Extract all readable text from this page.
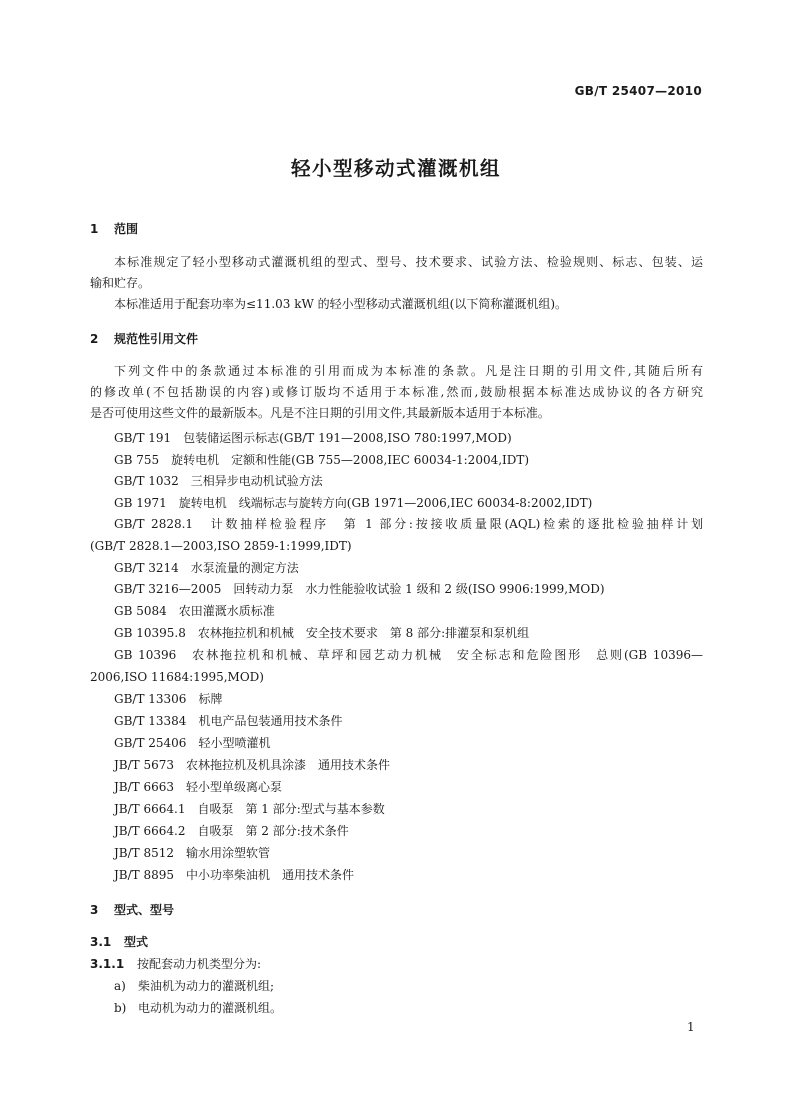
GB/T 25407—2010
轻小型移动式灌溉机组
1 范围
本标准规定了轻小型移动式灌溉机组的型式、型号、技术要求、试验方法、检验规则、标志、包装、运
输和贮存。
本标准适用于配套功率为≤11.03 kW 的轻小型移动式灌溉机组(以下简称灌溉机组)。
2 规范性引用文件
下列文件中的条款通过本标准的引用而成为本标准的条款。凡是注日期的引用文件,其随后所有
的修改单(不包括勘误的内容)或修订版均不适用于本标准,然而,鼓励根据本标准达成协议的各方研究
是否可使用这些文件的最新版本。凡是不注日期的引用文件,其最新版本适用于本标准。
GB/T 191　包装储运图示标志(GB/T 191—2008,ISO 780:1997,MOD)
GB 755　旋转电机　定额和性能(GB 755—2008,IEC 60034-1:2004,IDT)
GB/T 1032　三相异步电动机试验方法
GB 1971　旋转电机　线端标志与旋转方向(GB 1971—2006,IEC 60034-8:2002,IDT)
GB/T 2828.1　计数抽样检验程序　第 1 部分:按接收质量限(AQL)检索的逐批检验抽样计划
(GB/T 2828.1—2003,ISO 2859-1:1999,IDT)
GB/T 3214　水泵流量的测定方法
GB/T 3216—2005　回转动力泵　水力性能验收试验 1 级和 2 级(ISO 9906:1999,MOD)
GB 5084　农田灌溉水质标准
GB 10395.8　农林拖拉机和机械　安全技术要求　第 8 部分:排灌泵和泵机组
GB 10396　农林拖拉机和机械、草坪和园艺动力机械　安全标志和危险图形　总则(GB 10396—
2006,ISO 11684:1995,MOD)
GB/T 13306　标牌
GB/T 13384　机电产品包装通用技术条件
GB/T 25406　轻小型喷灌机
JB/T 5673　农林拖拉机及机具涂漆　通用技术条件
JB/T 6663　轻小型单级离心泵
JB/T 6664.1　自吸泵　第 1 部分:型式与基本参数
JB/T 6664.2　自吸泵　第 2 部分:技术条件
JB/T 8512　输水用涂塑软管
JB/T 8895　中小功率柴油机　通用技术条件
3 型式、型号
3.1 型式
3.1.1 按配套动力机类型分为:
a) 柴油机为动力的灌溉机组;
b) 电动机为动力的灌溉机组。
1
